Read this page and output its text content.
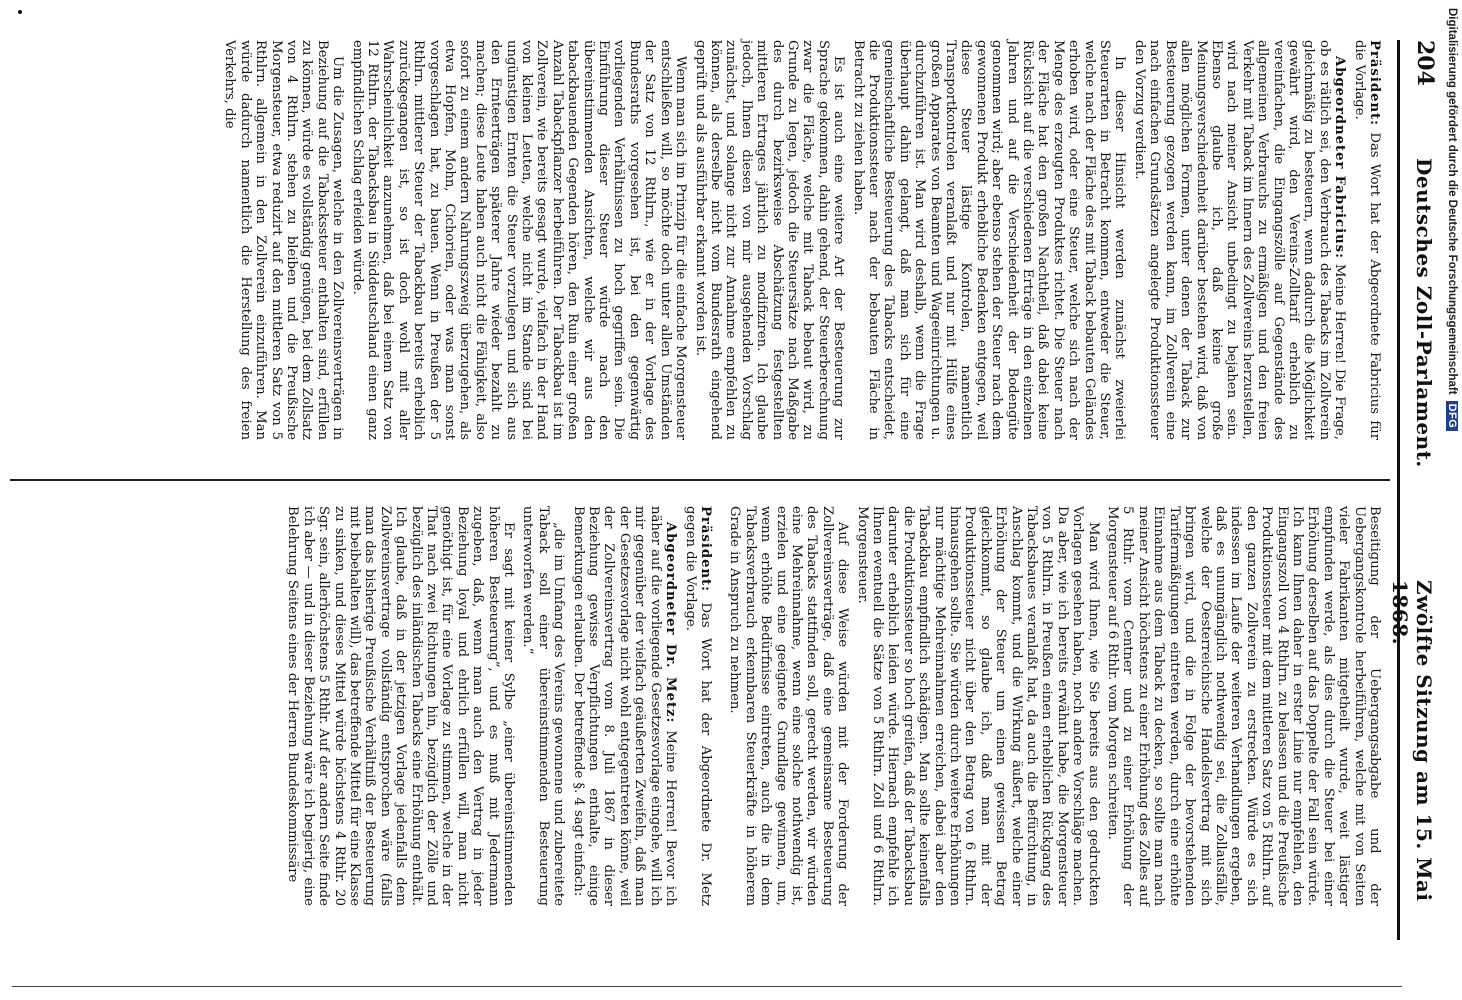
204
Deutsches Zoll-Parlament.
Zwölfte Sitzung am 15. Mai 1868.

Präsident: Das Wort hat der Abgeordnete Fabricius für die Vorlage.

Abgeordneter Fabricius: Meine Herren! Die Frage, ob es rätlich sei, den Verbrauch des Tabacks im Zollverein gleichmäßig zu besteuern, wenn dadurch die Möglichkeit gewährt wird, den Vereins-Zolltarif erheblich zu vereinfachen, die Eingangszölle auf Gegenstände des allgemeinen Verbrauchs zu ermäßigen und den freien Verkehr mit Taback im Innern des Zollvereins herzustellen, wird nach meiner Ansicht unbedingt zu bejahen sein. Ebenso glaube ich, daß keine große Meinungsverschiedenheit darüber bestehen wird, daß von allen möglichen Formen, unter denen der Taback zur Besteuerung gezogen werden kann, im Zollverein eine nach einfachen Grundsätzen angelegte Produktionssteuer den Vorzug verdient.

In dieser Hinsicht werden zunächst zweierlei Steuerarten in Betracht kommen, entweder die Steuer, welche nach der Fläche des mit Taback bebauten Geländes erhoben wird, oder eine Steuer, welche sich nach der Menge des erzeugten Produktes richtet. Die Steuer nach der Fläche hat den großen Nachtheil, daß dabei keine Rücksicht auf die verschiedenen Erträge in den einzelnen Jahren und auf die Verschiedenheit der Bodengüte genommen wird; aber ebenso stehen der Steuer nach dem gewonnenen Produkt erhebliche Bedenken entgegen, weil diese Steuer lästige Kontrolen, namentlich Transportkontrolen veranlaßt und nur mit Hülfe eines großen Apparates von Beamten und Wageeinrichtungen u. durchzuführen ist. Man wird deshalb, wenn die Frage überhaupt dahin gelangt, daß man sich für eine gemeinschaftliche Besteuerung des Tabacks entscheidet, die Produktionssteuer nach der bebauten Fläche in Betracht zu ziehen haben.

Es ist auch eine weitere Art der Besteuerung zur Sprache gekommen, dahin gehend, der Steuerberechnung zwar die Fläche, welche mit Taback bebaut wird, zu Grunde zu legen, jedoch die Steuersätze nach Maßgabe des durch bezirksweise Abschätzung festgestellten mittleren Ertrages jährlich zu modifiziren. Ich glaube jedoch, Ihnen diesen von mir ausgehenden Vorschlag zunächst, und solange nicht zur Annahme empfehlen zu können, als derselbe nicht vom Bundesrath eingehend geprüft und als ausführbar erkannt worden ist.

Wenn man sich im Prinzip für die einfache Morgensteuer entschließen will, so möchte doch unter allen Umständen der Satz von 12 Rthlrn., wie er in der Vorlage des Bundesraths vorgesehen ist, bei den gegenwärtig vorliegenden Verhältnissen zu hoch gegriffen sein. Die Einführung dieser Steuer würde nach den übereinstimmenden Ansichten, welche wir aus den tabackbauenden Gegenden hören, den Ruin einer großen Anzahl Tabackpflanzer herbeiführen. Der Tabackbau ist im Zollverein, wie bereits gesagt wurde, vielfach in der Hand von kleinen Leuten, welche nicht im Stande sind bei ungünstigen Ernten die Steuer vorzulegen und sich aus den Ernteerträgen späterer Jahre wieder bezahlt zu machen; diese Leute haben auch nicht die Fähigkeit, also sofort zu einem andern Nahrungszweig überzugehen, als etwa Hopfen, Mohn, Cichorien, oder was man sonst vorgeschlagen hat, zu bauen. Wenn in Preußen der 5 Rthlrn. mittlerer Steuer der Tabackbau bereits erheblich zurückgegangen ist, so ist doch wohl mit aller Wahrscheinlichkeit anzunehmen, daß bei einem Satz von 12 Rthlrn. der Tabacksbau in Süddeutschland einen ganz empfindlichen Schlag erleiden würde.

Um die Zusagen, welche in den Zollvereinsverträgen in Beziehung auf die Tabackssteuer enthalten sind, erfüllen zu können, würde es vollständig genügen, bei dem Zollsatz von 4 Rthlrn. stehen zu bleiben und die Preußische Morgensteuer, etwa reduzirt auf den mittleren Satz von 5 Rthlrn. allgemein in den Zollverein einzuführen. Man würde dadurch namentlich die Herstellung des freien Verkehrs, die

Beseitigung der Uebergangsabgabe und der Uebergangskontrole herbeiführen, welche mit von Seiten vieler Fabrikanten mitgetheilt wurde, weit lästiger empfunden werde, als dies durch die Steuer bei einer Erhöhung derselben auf das Doppelte der Fall sein würde. Ich kann Ihnen daher in erster Linie nur empfehlen, den Eingangszoll von 4 Rthlrn. zu belassen und die Preußische Produktionssteuer mit dem mittleren Satz von 5 Rthlrn. auf den ganzen Zollverein zu erstrecken. Würde es sich indessen im Laufe der weiteren Verhandlungen ergeben, daß es unumgänglich nothwendig sei, die Zollausfälle, welche der Oesterreichische Handelsvertrag mit sich bringen wird, und die in Folge der bevorstehenden Tarifermäßigungen eintreten werden, durch eine erhöhte Einnahme aus dem Taback zu decken, so sollte man nach meiner Ansicht höchstens zu einer Erhöhung des Zolles auf 5 Rthlr. vom Centner und zu einer Erhöhung der Morgensteuer auf 6 Rthlr. vom Morgen schreiten.

Man wird Ihnen, wie Sie bereits aus den gedruckten Vorlagen gesehen haben, noch andere Vorschläge machen. Da aber, wie ich bereits erwähnt habe, die Morgensteuer von 5 Rthlrn. in Preußen einen erheblichen Rückgang des Tabacksbaues veranlaßt hat, da auch die Befürchtung, in Anschlag kommt, und die Wirkung äußert, welche einer Erhöhung der Steuer um einen gewissen Betrag gleichkommt, so glaube ich, daß man mit der Produktionssteuer nicht über den Betrag von 6 Rthlrn. hinausgehen sollte. Sie würden durch weitere Erhöhungen nur mächtige Mehreinnahmen erreichen, dabei aber den Tabackbau empfindlich schädigen. Man sollte keinenfalls die Produktionssteuer so hoch greifen, daß der Tabacksbau darunter erheblich leiden würde. Hiernach empfehle ich Ihnen eventuell die Sätze von 5 Rthlrn. Zoll und 6 Rthlrn. Morgensteuer.

Auf diese Weise würden mit der Forderung der Zollvereinsverträge, daß eine gemeinsame Besteuerung des Tabacks stattfinden soll, gerecht werden, wir würden eine Mehreinnahme, wenn eine solche nothwendig ist, erzielen und eine geeignete Grundlage gewinnen, um, wenn erhöhte Bedürfnisse eintreten, auch die in dem Tabacksverbrauch erkennbaren Steuerkräfte in höherem Grade in Anspruch zu nehmen.

Präsident: Das Wort hat der Abgeordnete Dr. Metz gegen die Vorlage.

Abgeordneter Dr. Metz: Meine Herren! Bevor ich näher auf die vorliegende Gesetzesvorlage eingehe, will ich mir gegenüber der vielfach geäußerten Zweifeln, daß man der Gesetzesvorlage nicht wohl entgegentreten könne, weil der Zollvereinsvertrag vom 8. Juli 1867 in dieser Beziehung gewisse Verpflichtungen enthalte, einige Bemerkungen erlauben. Der betreffende §. 4 sagt einfach:

„die im Umfang des Vereins gewonnene und zubereitete Taback soll einer übereinstimmenden Besteuerung unterworfen werden.“

Er sagt mit keiner Sylbe „einer übereinstimmenden höheren Besteuerung“, und es muß mit Jedermann zugeben, daß, wenn man auch den Vertrag in jeder Beziehung loyal und ehrlich erfüllen will, man nicht genöthigt ist, für eine Vorlage zu stimmen, welche in der That nach zwei Richtungen hin, bezüglich der Zölle und bezüglich des inländischen Tabacks eine Erhöhung enthält. Ich glaube, daß in der jetzigen Vorlage jedenfalls dem Zollvereinsvertrage vollständig entsprochen wäre (falls man das bisherige Preußische Verhältniß der Besteuerung mit beibehalten will), das betreffende Mittel für eine Klasse zu sinken, und dieses Mittel würde höchstens 4 Rthlr. 20 Sgr. sein, allerhöchstens 5 Rthlr. Auf der andern Seite finde ich aber — und in dieser Beziehung wäre ich begierig, eine Belehrung Seitens eines der Herren Bundeskommissäre

Digitalisierung gefördert durch die Deutsche ForschungsgemeinschaftDFG
